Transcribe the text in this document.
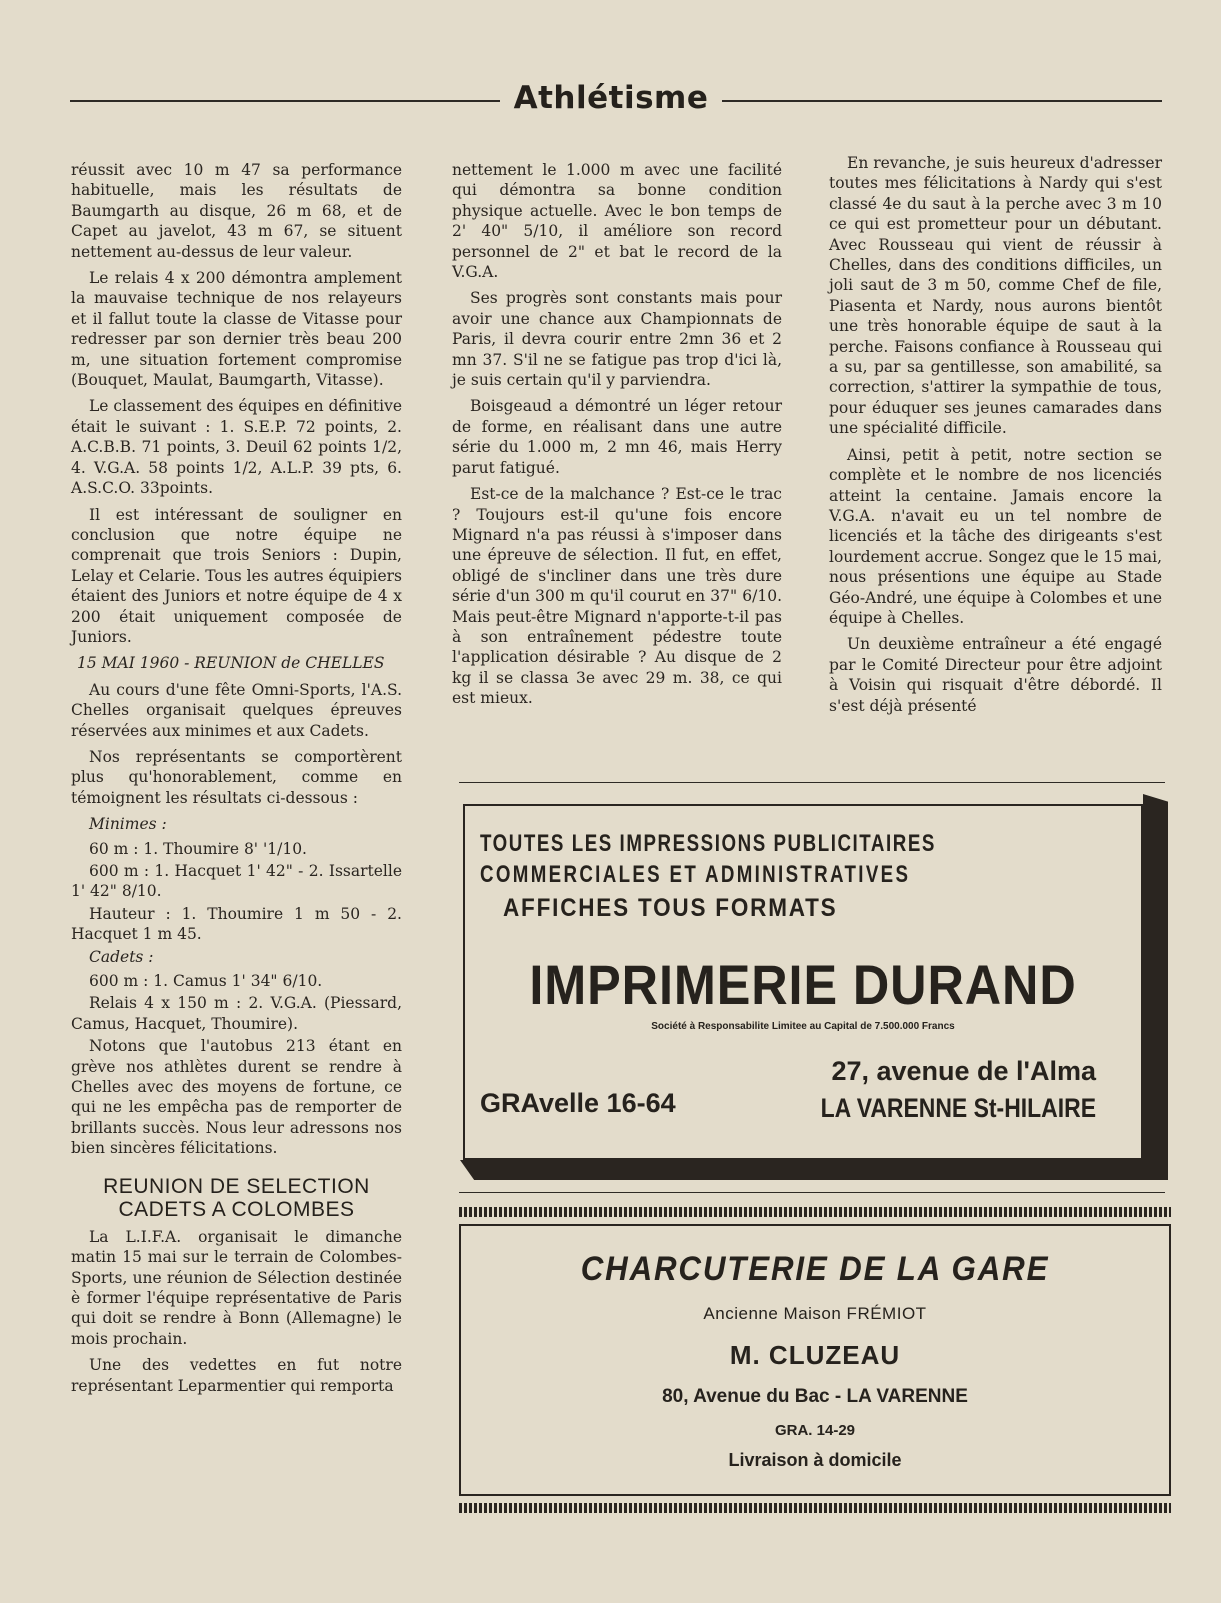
Athlétisme

réussit avec 10 m 47 sa performance habituelle, mais les résultats de Baumgarth au disque, 26 m 68, et de Capet au javelot, 43 m 67, se situent nettement au-dessus de leur valeur.

Le relais 4 x 200 démontra amplement la mauvaise technique de nos relayeurs et il fallut toute la classe de Vitasse pour redresser par son dernier très beau 200 m, une situation fortement compromise (Bouquet, Maulat, Baumgarth, Vitasse).

Le classement des équipes en définitive était le suivant : 1. S.E.P. 72 points, 2. A.C.B.B. 71 points, 3. Deuil 62 points 1/2, 4. V.G.A. 58 points 1/2, A.L.P. 39 pts, 6. A.S.C.O. 33points.

Il est intéressant de souligner en conclusion que notre équipe ne comprenait que trois Seniors : Dupin, Lelay et Celarie. Tous les autres équipiers étaient des Juniors et notre équipe de 4 x 200 était uniquement composée de Juniors.

15 MAI 1960 - REUNION de CHELLES

Au cours d'une fête Omni-Sports, l'A.S. Chelles organisait quelques épreuves réservées aux minimes et aux Cadets.

Nos représentants se comportèrent plus qu'honorablement, comme en témoignent les résultats ci-dessous :

Minimes :

60 m : 1. Thoumire 8' '1/10.

600 m : 1. Hacquet 1' 42" - 2. Issartelle 1' 42" 8/10.

Hauteur : 1. Thoumire 1 m 50 - 2. Hacquet 1 m 45.

Cadets :

600 m : 1. Camus 1' 34" 6/10.

Relais 4 x 150 m : 2. V.G.A. (Piessard, Camus, Hacquet, Thoumire).

Notons que l'autobus 213 étant en grève nos athlètes durent se rendre à Chelles avec des moyens de fortune, ce qui ne les empêcha pas de remporter de brillants succès. Nous leur adressons nos bien sincères félicitations.

REUNION DE SELECTION CADETS A COLOMBES

La L.I.F.A. organisait le dimanche matin 15 mai sur le terrain de Colombes-Sports, une réunion de Sélection destinée è former l'équipe représentative de Paris qui doit se rendre à Bonn (Allemagne) le mois prochain.

Une des vedettes en fut notre représentant Leparmentier qui remporta

nettement le 1.000 m avec une facilité qui démontra sa bonne condition physique actuelle. Avec le bon temps de 2' 40" 5/10, il améliore son record personnel de 2" et bat le record de la V.G.A.

Ses progrès sont constants mais pour avoir une chance aux Championnats de Paris, il devra courir entre 2mn 36 et 2 mn 37. S'il ne se fatigue pas trop d'ici là, je suis certain qu'il y parviendra.

Boisgeaud a démontré un léger retour de forme, en réalisant dans une autre série du 1.000 m, 2 mn 46, mais Herry parut fatigué.

Est-ce de la malchance ? Est-ce le trac ? Toujours est-il qu'une fois encore Mignard n'a pas réussi à s'imposer dans une épreuve de sélection. Il fut, en effet, obligé de s'incliner dans une très dure série d'un 300 m qu'il courut en 37" 6/10. Mais peut-être Mignard n'apporte-t-il pas à son entraînement pédestre toute l'application désirable ? Au disque de 2 kg il se classa 3e avec 29 m. 38, ce qui est mieux.

En revanche, je suis heureux d'adresser toutes mes félicitations à Nardy qui s'est classé 4e du saut à la perche avec 3 m 10 ce qui est prometteur pour un débutant. Avec Rousseau qui vient de réussir à Chelles, dans des conditions difficiles, un joli saut de 3 m 50, comme Chef de file, Piasenta et Nardy, nous aurons bientôt une très honorable équipe de saut à la perche. Faisons confiance à Rousseau qui a su, par sa gentillesse, son amabilité, sa correction, s'attirer la sympathie de tous, pour éduquer ses jeunes camarades dans une spécialité difficile.

Ainsi, petit à petit, notre section se complète et le nombre de nos licenciés atteint la centaine. Jamais encore la V.G.A. n'avait eu un tel nombre de licenciés et la tâche des dirigeants s'est lourdement accrue. Songez que le 15 mai, nous présentions une équipe au Stade Géo-André, une équipe à Colombes et une équipe à Chelles.

Un deuxième entraîneur a été engagé par le Comité Directeur pour être adjoint à Voisin qui risquait d'être débordé. Il s'est déjà présenté

TOUTES LES IMPRESSIONS PUBLICITAIRES
COMMERCIALES ET ADMINISTRATIVES
AFFICHES TOUS FORMATS
IMPRIMERIE DURAND
Société à Responsabilite Limitee au Capital de 7.500.000 Francs
27, avenue de l'Alma
GRAvelle 16-64	LA VARENNE St-HILAIRE
CHARCUTERIE DE LA GARE
Ancienne Maison FRÉMIOT
M. CLUZEAU
80, Avenue du Bac - LA VARENNE
GRA. 14-29
Livraison à domicile
